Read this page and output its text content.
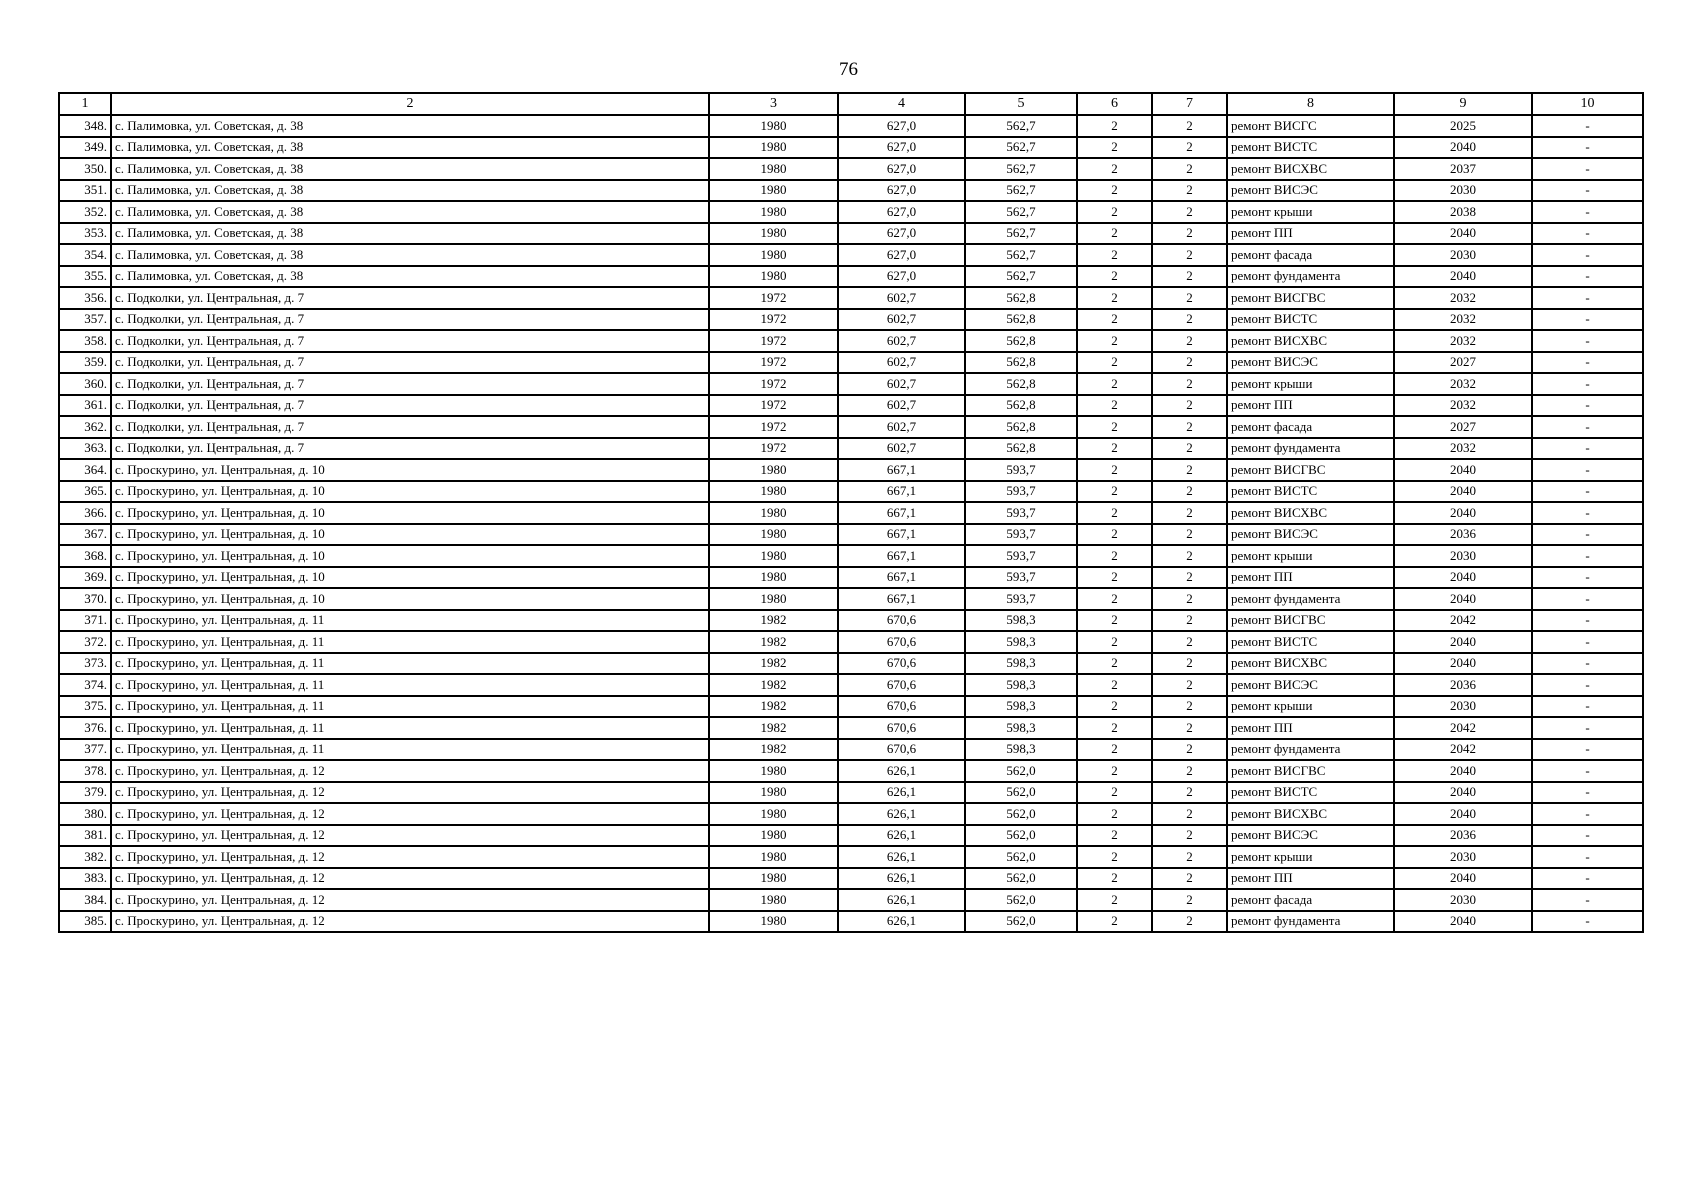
76
1	2	3	4	5	6	7	8	9	10
348.	с. Палимовка, ул. Советская, д. 38	1980	627,0	562,7	2	2	ремонт ВИСГС	2025	-
349.	с. Палимовка, ул. Советская, д. 38	1980	627,0	562,7	2	2	ремонт ВИСТС	2040	-
350.	с. Палимовка, ул. Советская, д. 38	1980	627,0	562,7	2	2	ремонт ВИСХВС	2037	-
351.	с. Палимовка, ул. Советская, д. 38	1980	627,0	562,7	2	2	ремонт ВИСЭС	2030	-
352.	с. Палимовка, ул. Советская, д. 38	1980	627,0	562,7	2	2	ремонт крыши	2038	-
353.	с. Палимовка, ул. Советская, д. 38	1980	627,0	562,7	2	2	ремонт ПП	2040	-
354.	с. Палимовка, ул. Советская, д. 38	1980	627,0	562,7	2	2	ремонт фасада	2030	-
355.	с. Палимовка, ул. Советская, д. 38	1980	627,0	562,7	2	2	ремонт фундамента	2040	-
356.	с. Подколки, ул. Центральная, д. 7	1972	602,7	562,8	2	2	ремонт ВИСГВС	2032	-
357.	с. Подколки, ул. Центральная, д. 7	1972	602,7	562,8	2	2	ремонт ВИСТС	2032	-
358.	с. Подколки, ул. Центральная, д. 7	1972	602,7	562,8	2	2	ремонт ВИСХВС	2032	-
359.	с. Подколки, ул. Центральная, д. 7	1972	602,7	562,8	2	2	ремонт ВИСЭС	2027	-
360.	с. Подколки, ул. Центральная, д. 7	1972	602,7	562,8	2	2	ремонт крыши	2032	-
361.	с. Подколки, ул. Центральная, д. 7	1972	602,7	562,8	2	2	ремонт ПП	2032	-
362.	с. Подколки, ул. Центральная, д. 7	1972	602,7	562,8	2	2	ремонт фасада	2027	-
363.	с. Подколки, ул. Центральная, д. 7	1972	602,7	562,8	2	2	ремонт фундамента	2032	-
364.	с. Проскурино, ул. Центральная, д. 10	1980	667,1	593,7	2	2	ремонт ВИСГВС	2040	-
365.	с. Проскурино, ул. Центральная, д. 10	1980	667,1	593,7	2	2	ремонт ВИСТС	2040	-
366.	с. Проскурино, ул. Центральная, д. 10	1980	667,1	593,7	2	2	ремонт ВИСХВС	2040	-
367.	с. Проскурино, ул. Центральная, д. 10	1980	667,1	593,7	2	2	ремонт ВИСЭС	2036	-
368.	с. Проскурино, ул. Центральная, д. 10	1980	667,1	593,7	2	2	ремонт крыши	2030	-
369.	с. Проскурино, ул. Центральная, д. 10	1980	667,1	593,7	2	2	ремонт ПП	2040	-
370.	с. Проскурино, ул. Центральная, д. 10	1980	667,1	593,7	2	2	ремонт фундамента	2040	-
371.	с. Проскурино, ул. Центральная, д. 11	1982	670,6	598,3	2	2	ремонт ВИСГВС	2042	-
372.	с. Проскурино, ул. Центральная, д. 11	1982	670,6	598,3	2	2	ремонт ВИСТС	2040	-
373.	с. Проскурино, ул. Центральная, д. 11	1982	670,6	598,3	2	2	ремонт ВИСХВС	2040	-
374.	с. Проскурино, ул. Центральная, д. 11	1982	670,6	598,3	2	2	ремонт ВИСЭС	2036	-
375.	с. Проскурино, ул. Центральная, д. 11	1982	670,6	598,3	2	2	ремонт крыши	2030	-
376.	с. Проскурино, ул. Центральная, д. 11	1982	670,6	598,3	2	2	ремонт ПП	2042	-
377.	с. Проскурино, ул. Центральная, д. 11	1982	670,6	598,3	2	2	ремонт фундамента	2042	-
378.	с. Проскурино, ул. Центральная, д. 12	1980	626,1	562,0	2	2	ремонт ВИСГВС	2040	-
379.	с. Проскурино, ул. Центральная, д. 12	1980	626,1	562,0	2	2	ремонт ВИСТС	2040	-
380.	с. Проскурино, ул. Центральная, д. 12	1980	626,1	562,0	2	2	ремонт ВИСХВС	2040	-
381.	с. Проскурино, ул. Центральная, д. 12	1980	626,1	562,0	2	2	ремонт ВИСЭС	2036	-
382.	с. Проскурино, ул. Центральная, д. 12	1980	626,1	562,0	2	2	ремонт крыши	2030	-
383.	с. Проскурино, ул. Центральная, д. 12	1980	626,1	562,0	2	2	ремонт ПП	2040	-
384.	с. Проскурино, ул. Центральная, д. 12	1980	626,1	562,0	2	2	ремонт фасада	2030	-
385.	с. Проскурино, ул. Центральная, д. 12	1980	626,1	562,0	2	2	ремонт фундамента	2040	-
